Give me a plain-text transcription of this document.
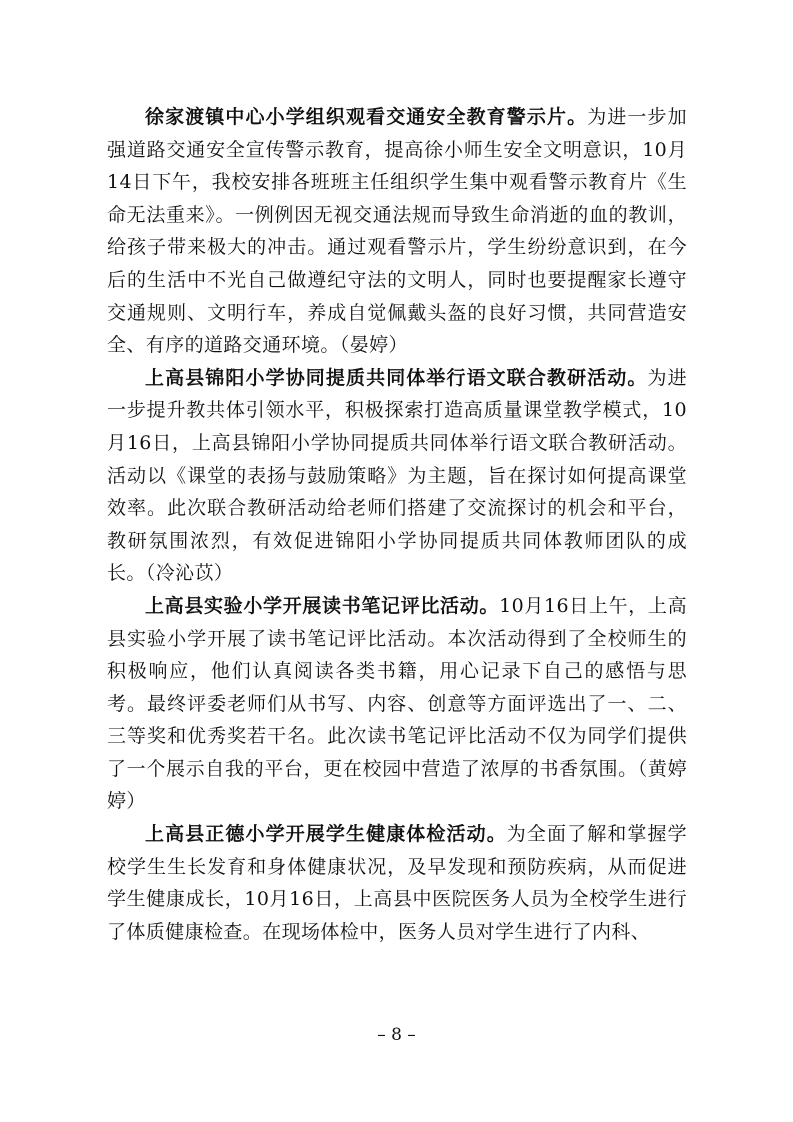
徐家渡镇中心小学组织观看交通安全教育警示片。为进一步加强道路交通安全宣传警示教育，提高徐小师生安全文明意识，10月14日下午，我校安排各班班主任组织学生集中观看警示教育片《生命无法重来》。一例例因无视交通法规而导致生命消逝的血的教训，给孩子带来极大的冲击。通过观看警示片，学生纷纷意识到，在今后的生活中不光自己做遵纪守法的文明人，同时也要提醒家长遵守交通规则、文明行车，养成自觉佩戴头盔的良好习惯，共同营造安全、有序的道路交通环境。（晏婷）

上高县锦阳小学协同提质共同体举行语文联合教研活动。为进一步提升教共体引领水平，积极探索打造高质量课堂教学模式，10月16日，上高县锦阳小学协同提质共同体举行语文联合教研活动。活动以《课堂的表扬与鼓励策略》为主题，旨在探讨如何提高课堂效率。此次联合教研活动给老师们搭建了交流探讨的机会和平台，教研氛围浓烈，有效促进锦阳小学协同提质共同体教师团队的成长。（冷沁苡）

上高县实验小学开展读书笔记评比活动。10月16日上午，上高县实验小学开展了读书笔记评比活动。本次活动得到了全校师生的积极响应，他们认真阅读各类书籍，用心记录下自己的感悟与思考。最终评委老师们从书写、内容、创意等方面评选出了一、二、三等奖和优秀奖若干名。此次读书笔记评比活动不仅为同学们提供了一个展示自我的平台，更在校园中营造了浓厚的书香氛围。（黄婷婷）

上高县正德小学开展学生健康体检活动。为全面了解和掌握学校学生生长发育和身体健康状况，及早发现和预防疾病，从而促进学生健康成长，10月16日，上高县中医院医务人员为全校学生进行了体质健康检查。在现场体检中，医务人员对学生进行了内科、

– 8 –
